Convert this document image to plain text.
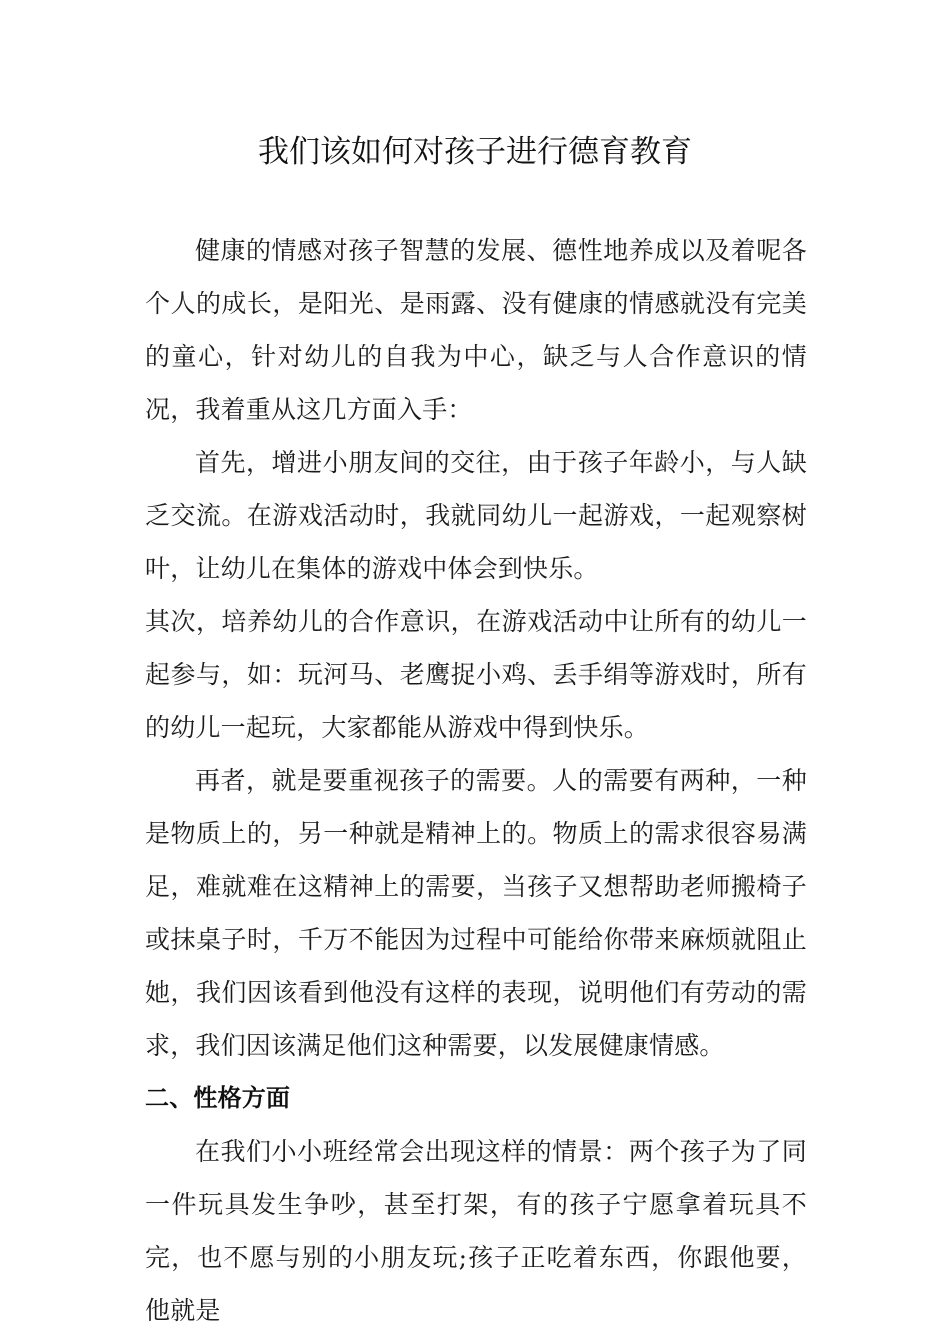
我们该如何对孩子进行德育教育

健康的情感对孩子智慧的发展、德性地养成以及着呢各个人的成长，是阳光、是雨露、没有健康的情感就没有完美的童心，针对幼儿的自我为中心，缺乏与人合作意识的情况，我着重从这几方面入手：

首先，增进小朋友间的交往，由于孩子年龄小，与人缺乏交流。在游戏活动时，我就同幼儿一起游戏，一起观察树叶，让幼儿在集体的游戏中体会到快乐。

其次，培养幼儿的合作意识，在游戏活动中让所有的幼儿一起参与，如：玩河马、老鹰捉小鸡、丢手绢等游戏时，所有的幼儿一起玩，大家都能从游戏中得到快乐。

再者，就是要重视孩子的需要。人的需要有两种，一种是物质上的，另一种就是精神上的。物质上的需求很容易满足，难就难在这精神上的需要，当孩子又想帮助老师搬椅子或抹桌子时，千万不能因为过程中可能给你带来麻烦就阻止她，我们因该看到他没有这样的表现，说明他们有劳动的需求，我们因该满足他们这种需要，以发展健康情感。

二、性格方面

在我们小小班经常会出现这样的情景：两个孩子为了同一件玩具发生争吵，甚至打架，有的孩子宁愿拿着玩具不完，也不愿与别的小朋友玩;孩子正吃着东西，你跟他要，他就是
